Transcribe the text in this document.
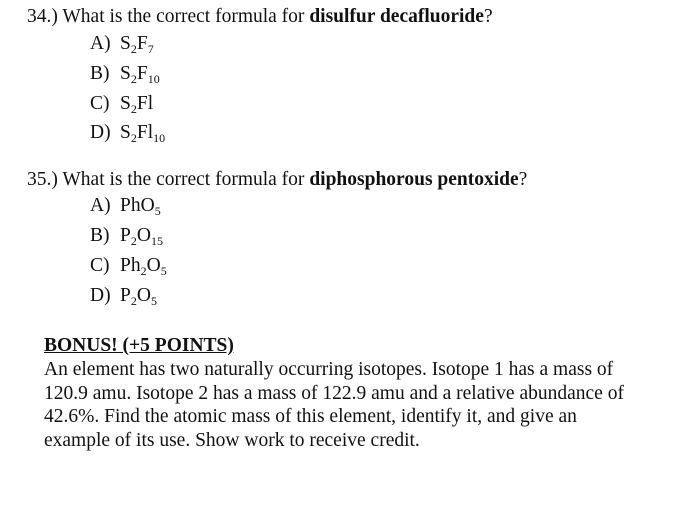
34.) What is the correct formula for disulfur decafluoride?
A) $S_2F_7$
B) $S_2F_{10}$
C) $S_2Fl$
D) $S_2Fl_{10}$
35.) What is the correct formula for diphosphorous pentoxide?
A) PhO$_5$
B) $P_2O_{15}$
C) $Ph_2O_5$
D) $P_2O_5$
BONUS! (+5 POINTS)
An element has two naturally occurring isotopes. Isotope 1 has a mass of
120.9 amu. Isotope 2 has a mass of 122.9 amu and a relative abundance of
42.6%. Find the atomic mass of this element, identify it, and give an
example of its use. Show work to receive credit.
